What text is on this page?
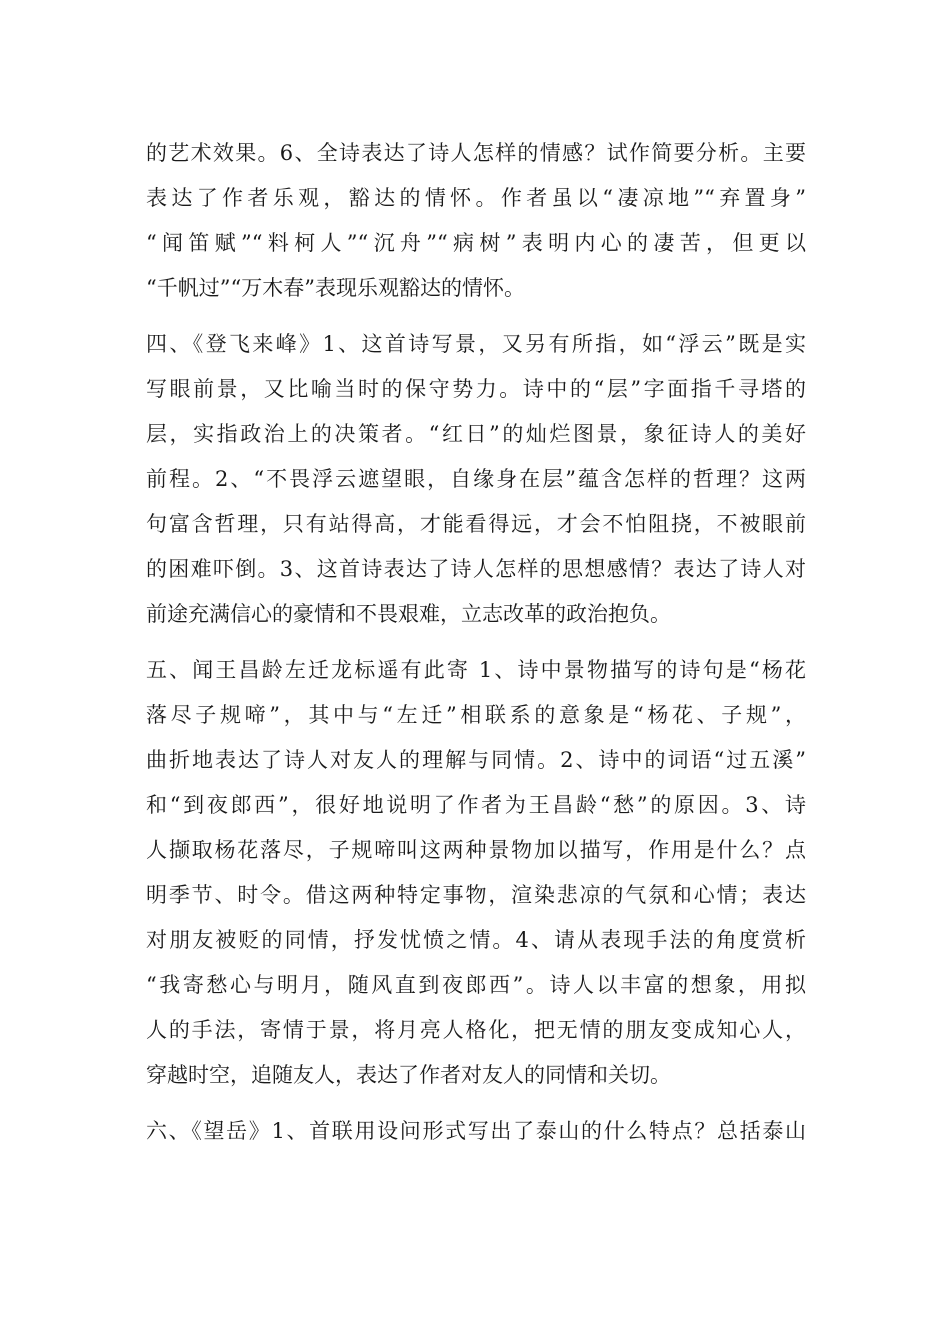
的艺术效果。6、全诗表达了诗人怎样的情感？试作简要分析。主要
表达了作者乐观，豁达的情怀。作者虽以“凄凉地”“弃置身”
“闻笛赋”“料柯人”“沉舟”“病树”表明内心的凄苦，但更以
“千帆过”“万木春”表现乐观豁达的情怀。
四、《登飞来峰》1、这首诗写景，又另有所指，如“浮云”既是实
写眼前景，又比喻当时的保守势力。诗中的“层”字面指千寻塔的
层，实指政治上的决策者。“红日”的灿烂图景，象征诗人的美好
前程。2、“不畏浮云遮望眼，自缘身在层”蕴含怎样的哲理？这两
句富含哲理，只有站得高，才能看得远，才会不怕阻挠，不被眼前
的困难吓倒。3、这首诗表达了诗人怎样的思想感情？表达了诗人对
前途充满信心的豪情和不畏艰难，立志改革的政治抱负。
五、闻王昌龄左迁龙标遥有此寄 1、诗中景物描写的诗句是“杨花
落尽子规啼”，其中与“左迁”相联系的意象是“杨花、子规”，
曲折地表达了诗人对友人的理解与同情。2、诗中的词语“过五溪”
和“到夜郎西”，很好地说明了作者为王昌龄“愁”的原因。3、诗
人撷取杨花落尽，子规啼叫这两种景物加以描写，作用是什么？点
明季节、时令。借这两种特定事物，渲染悲凉的气氛和心情；表达
对朋友被贬的同情，抒发忧愤之情。4、请从表现手法的角度赏析
“我寄愁心与明月，随风直到夜郎西”。诗人以丰富的想象，用拟
人的手法，寄情于景，将月亮人格化，把无情的朋友变成知心人，
穿越时空，追随友人，表达了作者对友人的同情和关切。
六、《望岳》1、首联用设问形式写出了泰山的什么特点？总括泰山
